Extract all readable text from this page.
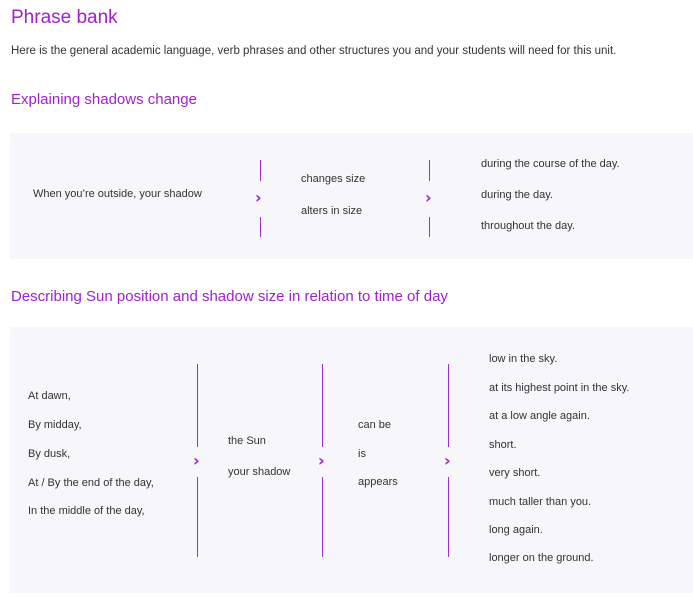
Phrase bank

Here is the general academic language, verb phrases and other structures you and your students will need for this unit.

Explaining shadows change
When you’re outside, your shadow	›
changes size
alters in size
›
during the course of the day.
during the day.
throughout the day.
Describing Sun position and shadow size in relation to time of day
At dawn,
By midday,
By dusk,
At / By the end of the day,
In the middle of the day,
›
the Sun
your shadow
›
can be
is
appears
›
low in the sky.
at its highest point in the sky.
at a low angle again.
short.
very short.
much taller than you.
long again.
longer on the ground.
